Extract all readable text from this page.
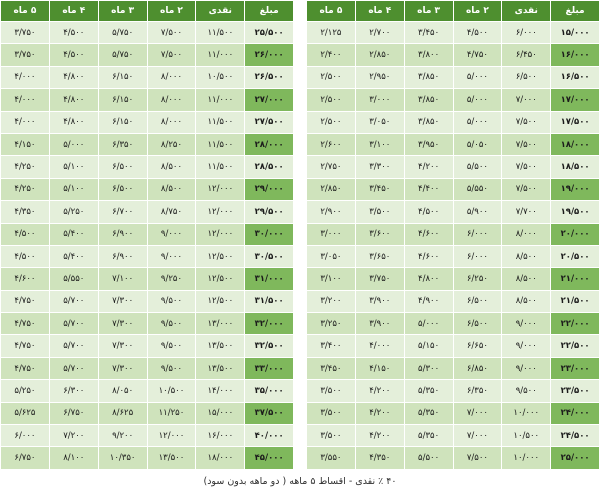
مبلغ	نقدی	۲ ماه	۳ ماه	۴ ماه	۵ ماه
۱۵/۰۰۰	۶/۰۰۰	۴/۵۰۰	۳/۴۵۰	۲/۷۰۰	۲/۱۲۵
۱۶/۰۰۰	۶/۴۵۰	۴/۷۵۰	۳/۸۰۰	۲/۸۵۰	۲/۴۰۰
۱۶/۵۰۰	۶/۵۰۰	۵/۰۰۰	۳/۸۵۰	۲/۹۵۰	۲/۵۰۰
۱۷/۰۰۰	۷/۰۰۰	۵/۰۰۰	۳/۸۵۰	۳/۰۰۰	۲/۵۰۰
۱۷/۵۰۰	۷/۵۰۰	۵/۰۰۰	۳/۸۵۰	۳/۰۵۰	۲/۵۰۰
۱۸/۰۰۰	۷/۵۰۰	۵/۰۵۰	۳/۹۵۰	۳/۱۰۰	۲/۶۰۰
۱۸/۵۰۰	۷/۵۰۰	۵/۵۰۰	۴/۲۰۰	۳/۳۰۰	۲/۷۵۰
۱۹/۰۰۰	۷/۵۰۰	۵/۵۵۰	۴/۴۰۰	۳/۴۵۰	۲/۸۵۰
۱۹/۵۰۰	۷/۷۰۰	۵/۹۰۰	۴/۵۰۰	۳/۵۰۰	۲/۹۰۰
۲۰/۰۰۰	۸/۰۰۰	۶/۰۰۰	۴/۶۰۰	۳/۶۰۰	۳/۰۰۰
۲۰/۵۰۰	۸/۵۰۰	۶/۰۰۰	۴/۶۰۰	۳/۶۵۰	۳/۰۵۰
۲۱/۰۰۰	۸/۵۰۰	۶/۲۵۰	۴/۸۰۰	۳/۷۵۰	۳/۱۰۰
۲۱/۵۰۰	۸/۵۰۰	۶/۵۰۰	۴/۹۰۰	۳/۹۰۰	۳/۲۰۰
۲۲/۰۰۰	۹/۰۰۰	۶/۵۰۰	۵/۰۰۰	۳/۹۰۰	۳/۲۵۰
۲۲/۵۰۰	۹/۰۰۰	۶/۶۵۰	۵/۱۵۰	۴/۰۰۰	۳/۴۰۰
۲۳/۰۰۰	۹/۰۰۰	۶/۸۵۰	۵/۳۰۰	۴/۱۵۰	۳/۴۵۰
۲۳/۵۰۰	۹/۵۰۰	۶/۳۵۰	۵/۳۵۰	۴/۲۰۰	۳/۵۰۰
۲۴/۰۰۰	۱۰/۰۰۰	۷/۰۰۰	۵/۳۵۰	۴/۲۰۰	۳/۵۰۰
۲۴/۵۰۰	۱۰/۵۰۰	۷/۰۰۰	۵/۳۵۰	۴/۲۰۰	۳/۵۰۰
۲۵/۰۰۰	۱۰/۰۰۰	۷/۵۰۰	۵/۵۰۰	۴/۳۵۰	۳/۵۵۰
مبلغ	نقدی	۲ ماه	۳ ماه	۴ ماه	۵ ماه
۲۵/۵۰۰	۱۱/۵۰۰	۷/۵۰۰	۵/۷۵۰	۴/۵۰۰	۳/۷۵۰
۲۶/۰۰۰	۱۱/۰۰۰	۷/۵۰۰	۵/۷۵۰	۴/۵۰۰	۳/۷۵۰
۲۶/۵۰۰	۱۰/۵۰۰	۸/۰۰۰	۶/۱۵۰	۴/۸۰۰	۴/۰۰۰
۲۷/۰۰۰	۱۱/۰۰۰	۸/۰۰۰	۶/۱۵۰	۴/۸۰۰	۴/۰۰۰
۲۷/۵۰۰	۱۱/۵۰۰	۸/۰۰۰	۶/۱۵۰	۴/۸۰۰	۴/۰۰۰
۲۸/۰۰۰	۱۱/۵۰۰	۸/۲۵۰	۶/۳۵۰	۵/۰۰۰	۴/۱۵۰
۲۸/۵۰۰	۱۱/۵۰۰	۸/۵۰۰	۶/۵۰۰	۵/۱۰۰	۴/۲۵۰
۲۹/۰۰۰	۱۲/۰۰۰	۸/۵۰۰	۶/۵۰۰	۵/۱۰۰	۴/۲۵۰
۲۹/۵۰۰	۱۲/۰۰۰	۸/۷۵۰	۶/۷۰۰	۵/۲۵۰	۴/۳۵۰
۳۰/۰۰۰	۱۲/۰۰۰	۹/۰۰۰	۶/۹۰۰	۵/۴۰۰	۴/۵۰۰
۳۰/۵۰۰	۱۲/۵۰۰	۹/۰۰۰	۶/۹۰۰	۵/۴۰۰	۴/۵۰۰
۳۱/۰۰۰	۱۲/۵۰۰	۹/۲۵۰	۷/۱۰۰	۵/۵۵۰	۴/۶۰۰
۳۱/۵۰۰	۱۲/۵۰۰	۹/۵۰۰	۷/۳۰۰	۵/۷۰۰	۴/۷۵۰
۳۲/۰۰۰	۱۳/۰۰۰	۹/۵۰۰	۷/۳۰۰	۵/۷۰۰	۴/۷۵۰
۳۲/۵۰۰	۱۳/۵۰۰	۹/۵۰۰	۷/۳۰۰	۵/۷۰۰	۴/۷۵۰
۳۳/۰۰۰	۱۳/۵۰۰	۹/۵۰۰	۷/۳۰۰	۵/۷۰۰	۴/۷۵۰
۳۵/۰۰۰	۱۴/۰۰۰	۱۰/۵۰۰	۸/۰۵۰	۶/۳۰۰	۵/۲۵۰
۳۷/۵۰۰	۱۵/۰۰۰	۱۱/۲۵۰	۸/۶۲۵	۶/۷۵۰	۵/۶۲۵
۴۰/۰۰۰	۱۶/۰۰۰	۱۲/۰۰۰	۹/۲۰۰	۷/۲۰۰	۶/۰۰۰
۴۵/۰۰۰	۱۸/۰۰۰	۱۳/۵۰۰	۱۰/۳۵۰	۸/۱۰۰	۶/۷۵۰
۴۰ ٪ نقدی - اقساط ۵ ماهه ( دو ماهه بدون سود)
